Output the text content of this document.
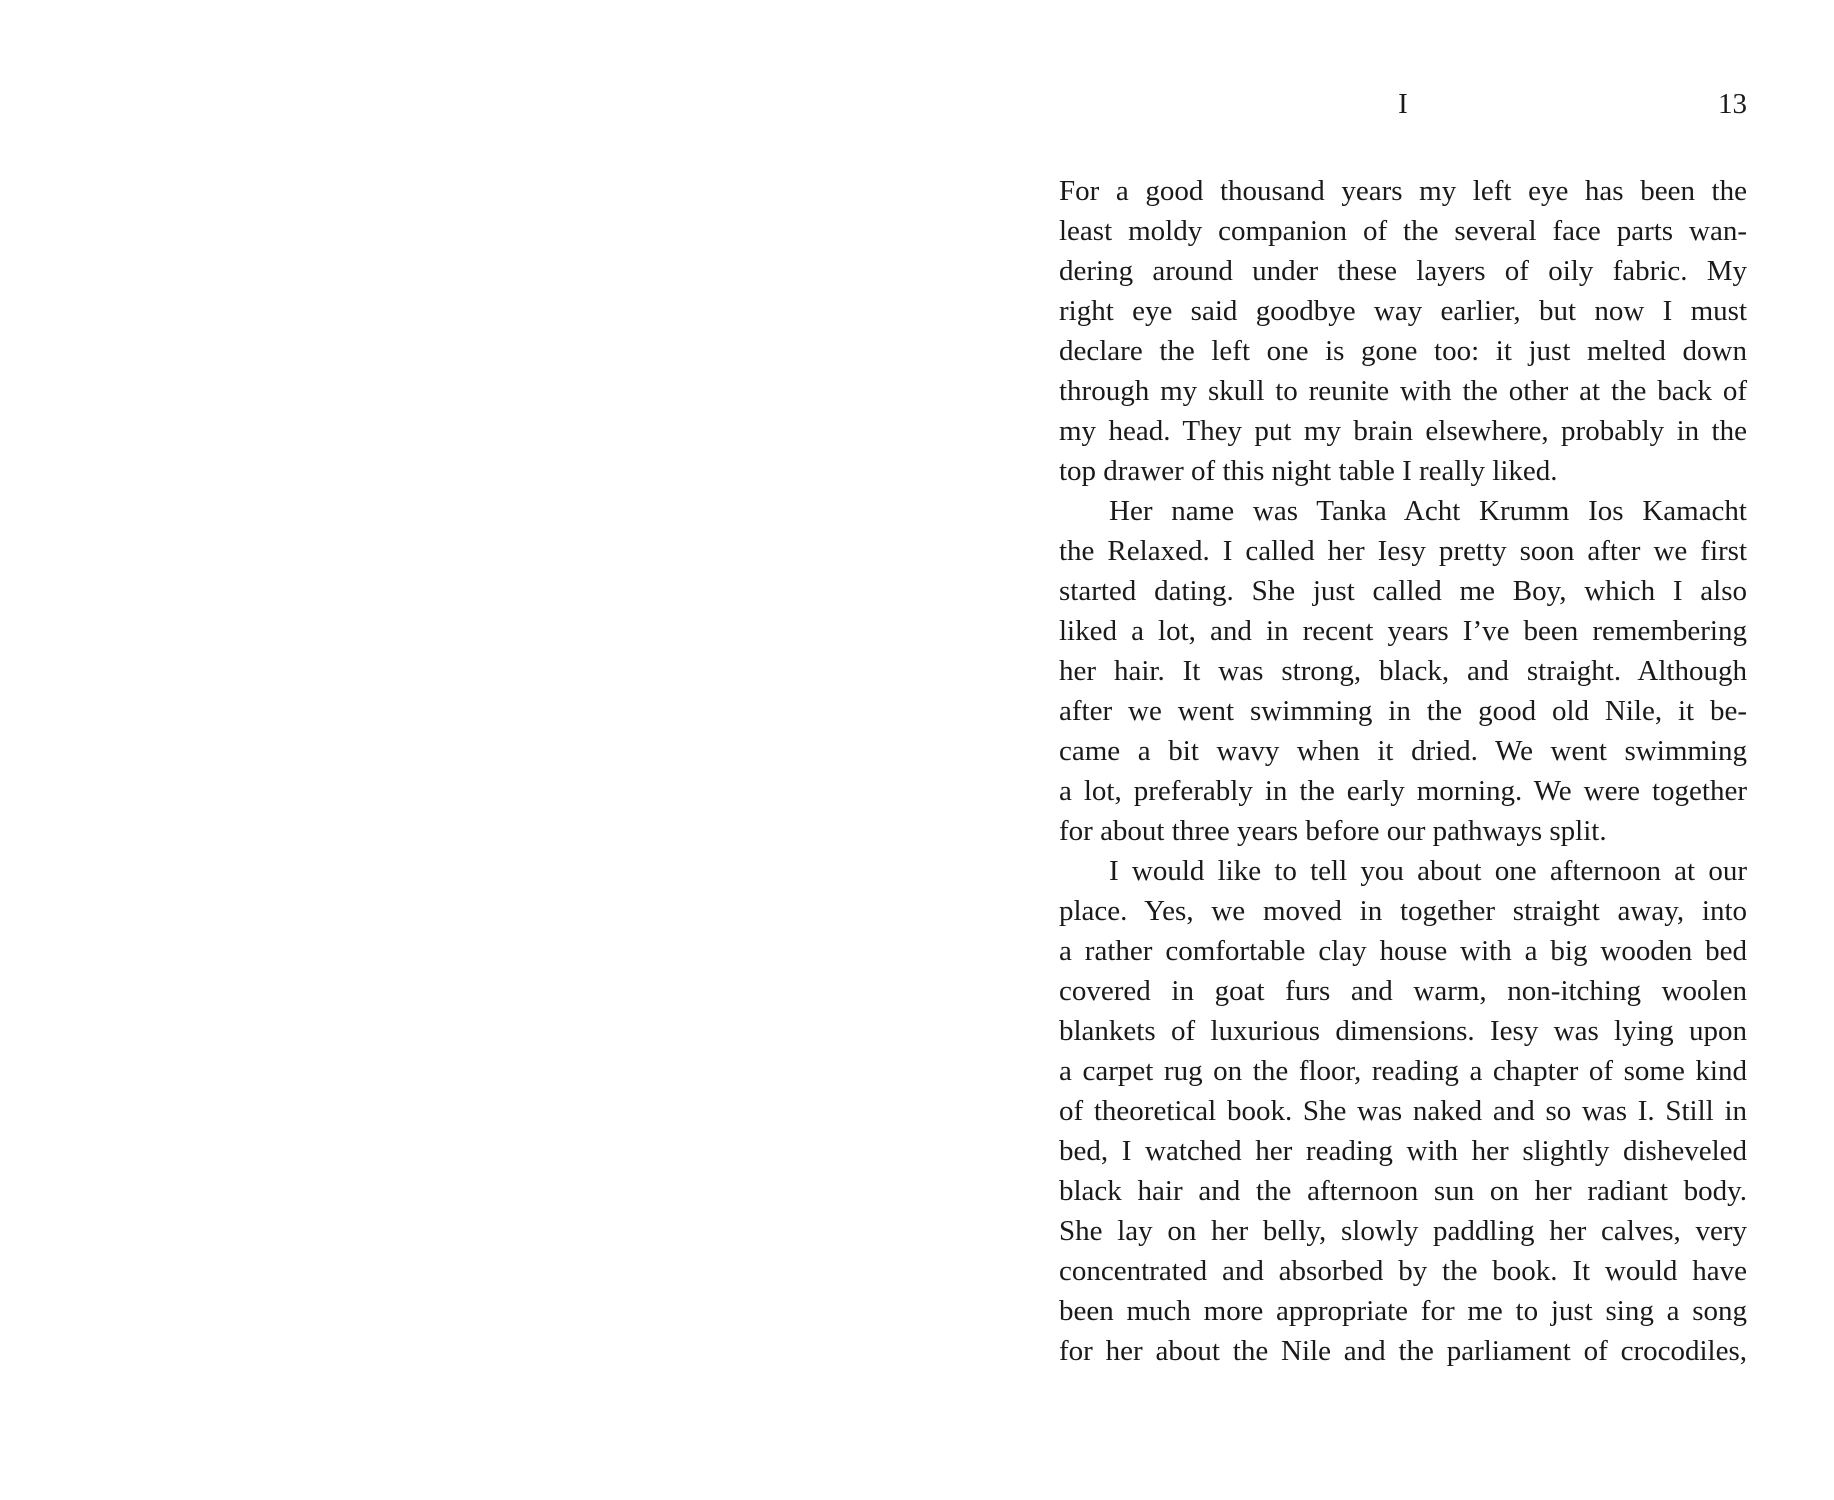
I	13

For a good thousand years my left eye has been the
least moldy companion of the several face parts wan-
dering around under these layers of oily fabric. My
right eye said goodbye way earlier, but now I must
declare the left one is gone too: it just melted down
through my skull to reunite with the other at the back of
my head. They put my brain elsewhere, probably in the
top drawer of this night table I really liked.

Her name was Tanka Acht Krumm Ios Kamacht
the Relaxed. I called her Iesy pretty soon after we first
started dating. She just called me Boy, which I also
liked a lot, and in recent years I’ve been remembering
her hair. It was strong, black, and straight. Although
after we went swimming in the good old Nile, it be-
came a bit wavy when it dried. We went swimming
a lot, preferably in the early morning. We were together
for about three years before our pathways split.

I would like to tell you about one afternoon at our
place. Yes, we moved in together straight away, into
a rather comfortable clay house with a big wooden bed
covered in goat furs and warm, non-itching woolen
blankets of luxurious dimensions. Iesy was lying upon
a carpet rug on the floor, reading a chapter of some kind
of theoretical book. She was naked and so was I. Still in
bed, I watched her reading with her slightly disheveled
black hair and the afternoon sun on her radiant body.
She lay on her belly, slowly paddling her calves, very
concentrated and absorbed by the book. It would have
been much more appropriate for me to just sing a song
for her about the Nile and the parliament of crocodiles,
